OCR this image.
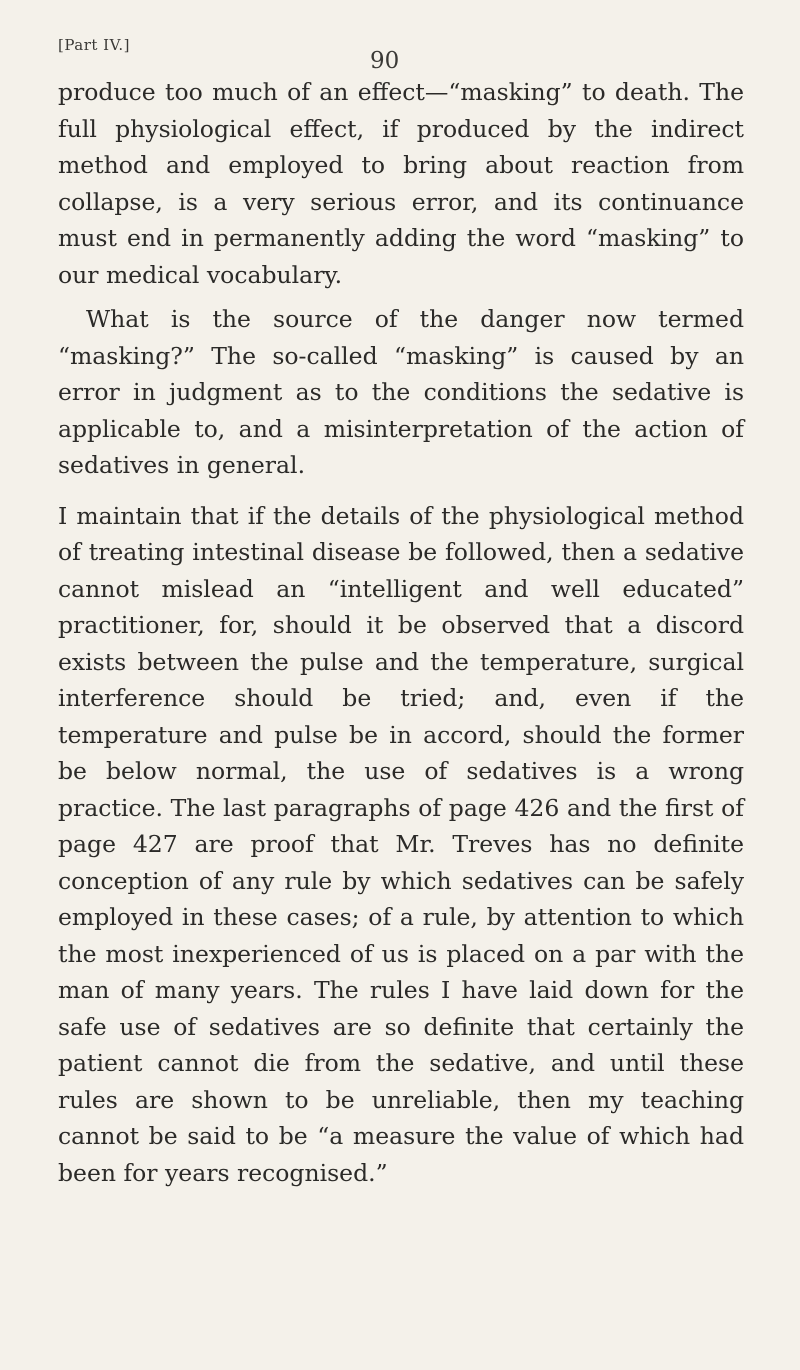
[Part IV.]
90

produce too much of an effect—“masking” to death. The full physiological effect, if produced by the indirect method and employed to bring about reaction from collapse, is a very serious error, and its continuance must end in permanently adding the word “masking” to our medical vocabulary.

What is the source of the danger now termed “masking?” The so-called “masking” is caused by an error in judgment as to the conditions the sedative is applicable to, and a misinterpretation of the action of sedatives in general.

I maintain that if the details of the physiological method of treating intestinal disease be followed, then a sedative cannot mislead an “intelligent and well educated” practitioner, for, should it be observed that a discord exists between the pulse and the temperature, surgical interference should be tried; and, even if the temperature and pulse be in accord, should the former be below normal, the use of sedatives is a wrong practice. The last paragraphs of page 426 and the first of page 427 are proof that Mr. Treves has no definite conception of any rule by which sedatives can be safely employed in these cases; of a rule, by attention to which the most inexperienced of us is placed on a par with the man of many years. The rules I have laid down for the safe use of sedatives are so definite that certainly the patient cannot die from the sedative, and until these rules are shown to be unreliable, then my teaching cannot be said to be “a measure the value of which had been for years recognised.”
